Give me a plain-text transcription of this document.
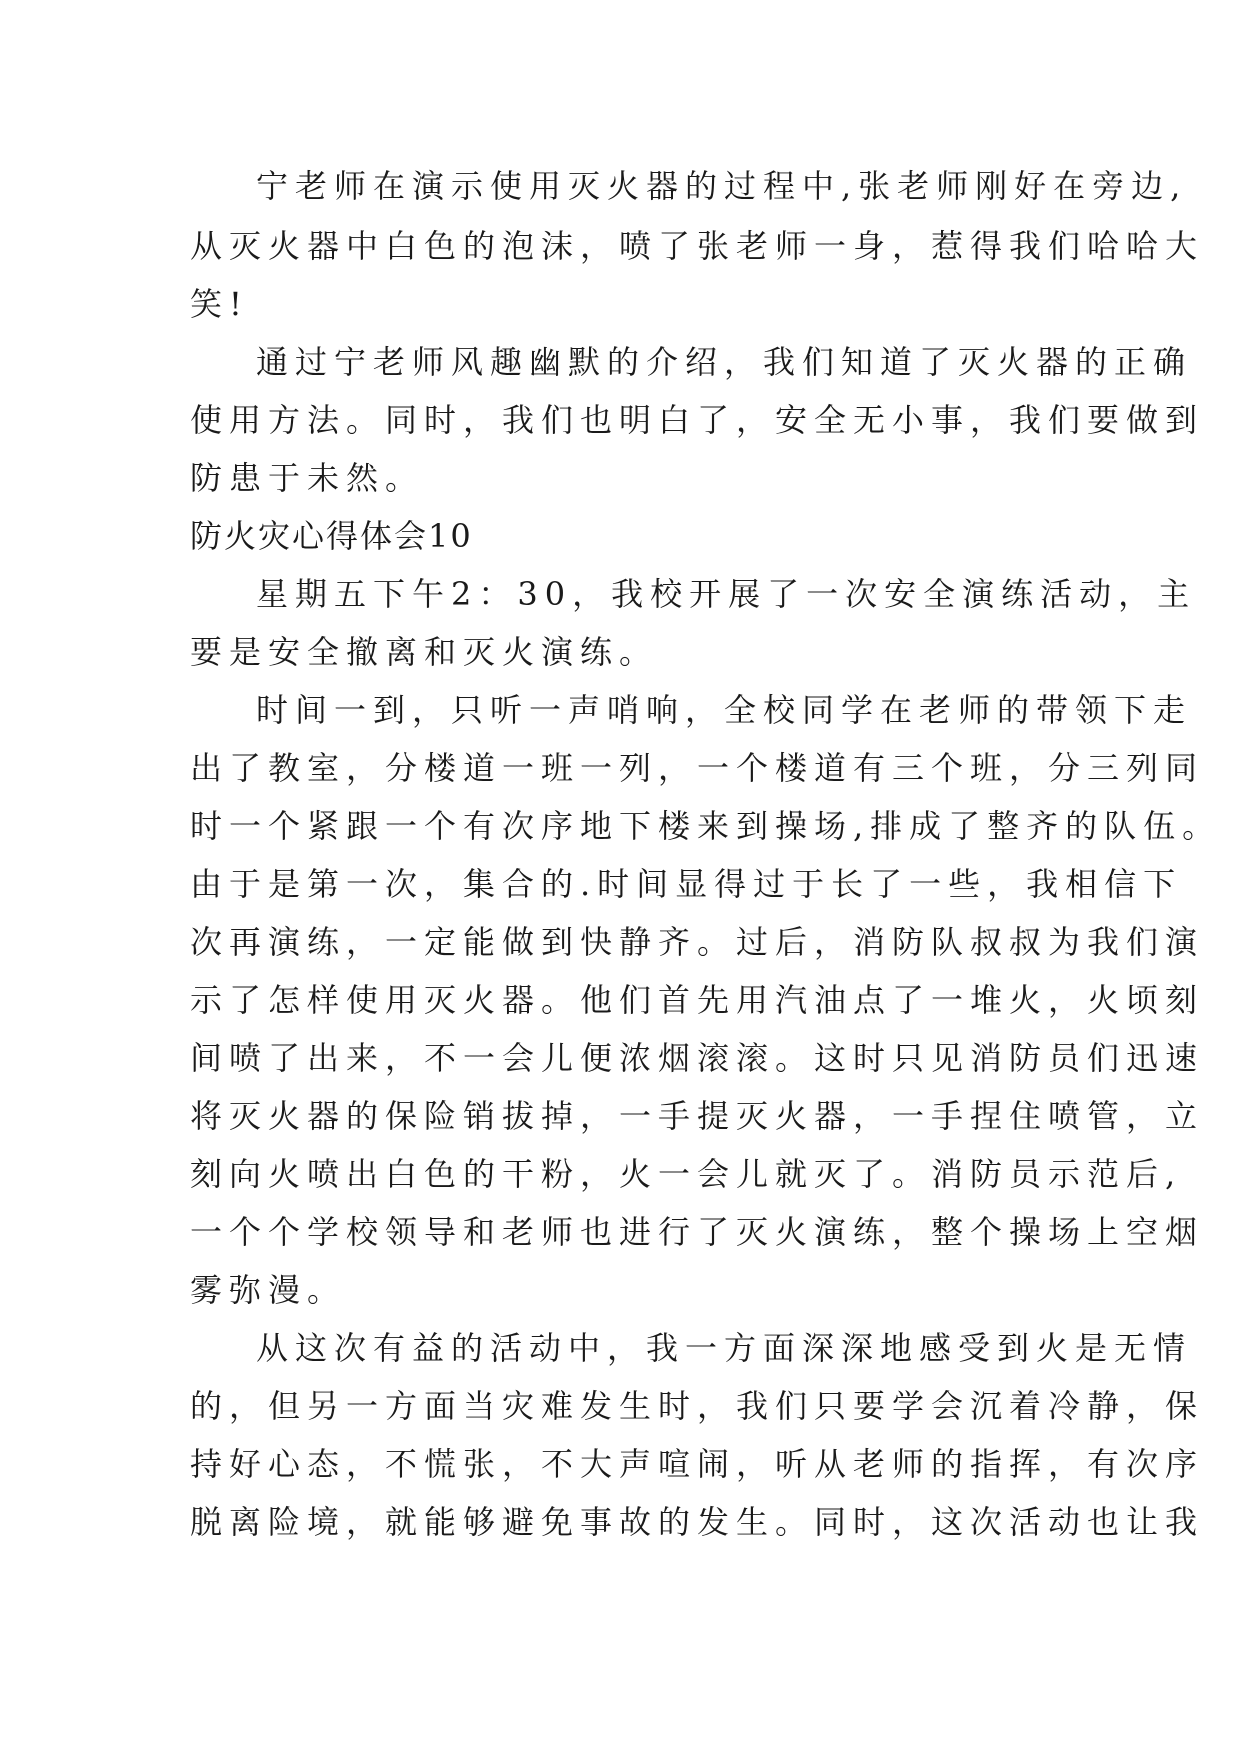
宁老师在演示使用灭火器的过程中,张老师刚好在旁边,
从灭火器中白色的泡沫，喷了张老师一身，惹得我们哈哈大
笑!
通过宁老师风趣幽默的介绍，我们知道了灭火器的正确
使用方法。同时，我们也明白了，安全无小事，我们要做到
防患于未然。
防火灾心得体会10
星期五下午2：30，我校开展了一次安全演练活动，主
要是安全撤离和灭火演练。
时间一到，只听一声哨响，全校同学在老师的带领下走
出了教室，分楼道一班一列，一个楼道有三个班，分三列同
时一个紧跟一个有次序地下楼来到操场,排成了整齐的队伍。
由于是第一次，集合的.时间显得过于长了一些，我相信下
次再演练，一定能做到快静齐。过后，消防队叔叔为我们演
示了怎样使用灭火器。他们首先用汽油点了一堆火，火顷刻
间喷了出来，不一会儿便浓烟滚滚。这时只见消防员们迅速
将灭火器的保险销拔掉，一手提灭火器，一手捏住喷管，立
刻向火喷出白色的干粉，火一会儿就灭了。消防员示范后,
一个个学校领导和老师也进行了灭火演练，整个操场上空烟
雾弥漫。
从这次有益的活动中，我一方面深深地感受到火是无情
的，但另一方面当灾难发生时，我们只要学会沉着冷静，保
持好心态，不慌张，不大声喧闹，听从老师的指挥，有次序
脱离险境，就能够避免事故的发生。同时，这次活动也让我
